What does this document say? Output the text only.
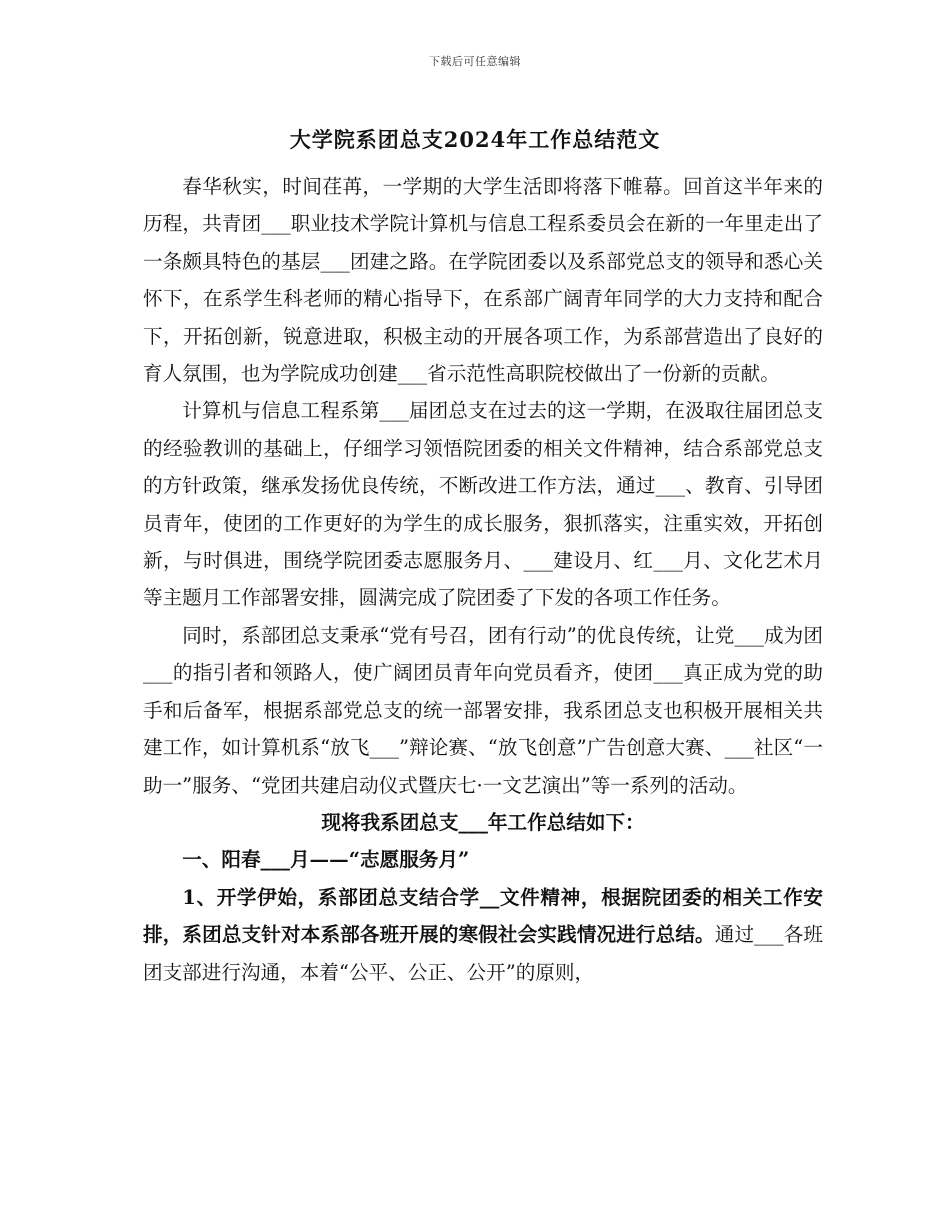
下载后可任意编辑
大学院系团总支2024年工作总结范文

春华秋实，时间荏苒，一学期的大学生活即将落下帷幕。回首这半年来的历程，共青团___职业技术学院计算机与信息工程系委员会在新的一年里走出了一条颇具特色的基层___团建之路。在学院团委以及系部党总支的领导和悉心关怀下，在系学生科老师的精心指导下，在系部广阔青年同学的大力支持和配合下，开拓创新，锐意进取，积极主动的开展各项工作，为系部营造出了良好的育人氛围，也为学院成功创建___省示范性高职院校做出了一份新的贡献。

计算机与信息工程系第___届团总支在过去的这一学期，在汲取往届团总支的经验教训的基础上，仔细学习领悟院团委的相关文件精神，结合系部党总支的方针政策，继承发扬优良传统，不断改进工作方法，通过___、教育、引导团员青年，使团的工作更好的为学生的成长服务，狠抓落实，注重实效，开拓创新，与时俱进，围绕学院团委志愿服务月、___建设月、红___月、文化艺术月等主题月工作部署安排，圆满完成了院团委了下发的各项工作任务。

同时，系部团总支秉承“党有号召，团有行动”的优良传统，让党___成为团___的指引者和领路人，使广阔团员青年向党员看齐，使团___真正成为党的助手和后备军，根据系部党总支的统一部署安排，我系团总支也积极开展相关共建工作，如计算机系“放飞___”辩论赛、“放飞创意”广告创意大赛、___社区“一助一”服务、“党团共建启动仪式暨庆七·一文艺演出”等一系列的活动。

现将我系团总支___年工作总结如下：

一、阳春___月——“志愿服务月”

1、开学伊始，系部团总支结合学__文件精神，根据院团委的相关工作安排，系团总支针对本系部各班开展的寒假社会实践情况进行总结。通过___各班团支部进行沟通，本着“公平、公正、公开”的原则，
